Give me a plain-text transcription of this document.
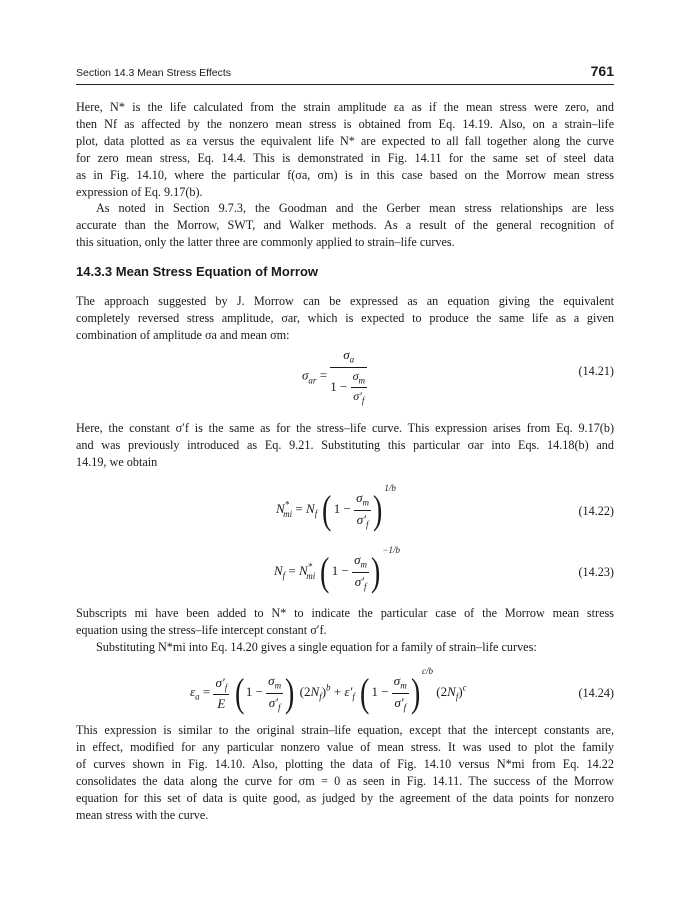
Section 14.3 Mean Stress Effects	761
Here, N* is the life calculated from the strain amplitude εa as if the mean stress were zero, and
then Nf as affected by the nonzero mean stress is obtained from Eq. 14.19. Also, on a strain–life
plot, data plotted as εa versus the equivalent life N* are expected to all fall together along the curve
for zero mean stress, Eq. 14.4. This is demonstrated in Fig. 14.11 for the same set of steel data
as in Fig. 14.10, where the particular f(σa, σm) is in this case based on the Morrow mean stress
expression of Eq. 9.17(b).
As noted in Section 9.7.3, the Goodman and the Gerber mean stress relationships are less
accurate than the Morrow, SWT, and Walker methods. As a result of the general recognition of
this situation, only the latter three are commonly applied to strain–life curves.
14.3.3 Mean Stress Equation of Morrow
The approach suggested by J. Morrow can be expressed as an equation giving the equivalent
completely reversed stress amplitude, σar, which is expected to produce the same life as a given
combination of amplitude σa and mean σm:
$\sigma_{ar} = \frac{\sigma_a}{1 - \frac{\sigma_m}{\sigma'_f}}$	(14.21)
Here, the constant σ′f is the same as for the stress–life curve. This expression arises from Eq. 9.17(b)
and was previously introduced as Eq. 9.21. Substituting this particular σar into Eqs. 14.18(b) and
14.19, we obtain
$N^*_{mi} = N_f$ ( $1 - \frac{\sigma_m}{\sigma'_f}$ ) $^{1/b}$
(14.22)
$N_f = N^*_{mi}$ ( $1 - \frac{\sigma_m}{\sigma'_f}$ ) $^{-1/b}$
(14.23)
Subscripts mi have been added to N* to indicate the particular case of the Morrow mean stress
equation using the stress–life intercept constant σ′f.
Substituting N*mi into Eq. 14.20 gives a single equation for a family of strain–life curves:
$\varepsilon_a = \frac{\sigma'_f}{E}$ ( $1 - \frac{\sigma_m}{\sigma'_f}$ ) $(2N_f)^b + \varepsilon'_f$ ( $1 - \frac{\sigma_m}{\sigma'_f}$ ) $^{c/b}$ $(2N_f)^c$	(14.24)
This expression is similar to the original strain–life equation, except that the intercept constants are,
in effect, modified for any particular nonzero value of mean stress. It was used to plot the family
of curves shown in Fig. 14.10. Also, plotting the data of Fig. 14.10 versus N*mi from Eq. 14.22
consolidates the data along the curve for σm = 0 as seen in Fig. 14.11. The success of the Morrow
equation for this set of data is quite good, as judged by the agreement of the data points for nonzero
mean stress with the curve.
